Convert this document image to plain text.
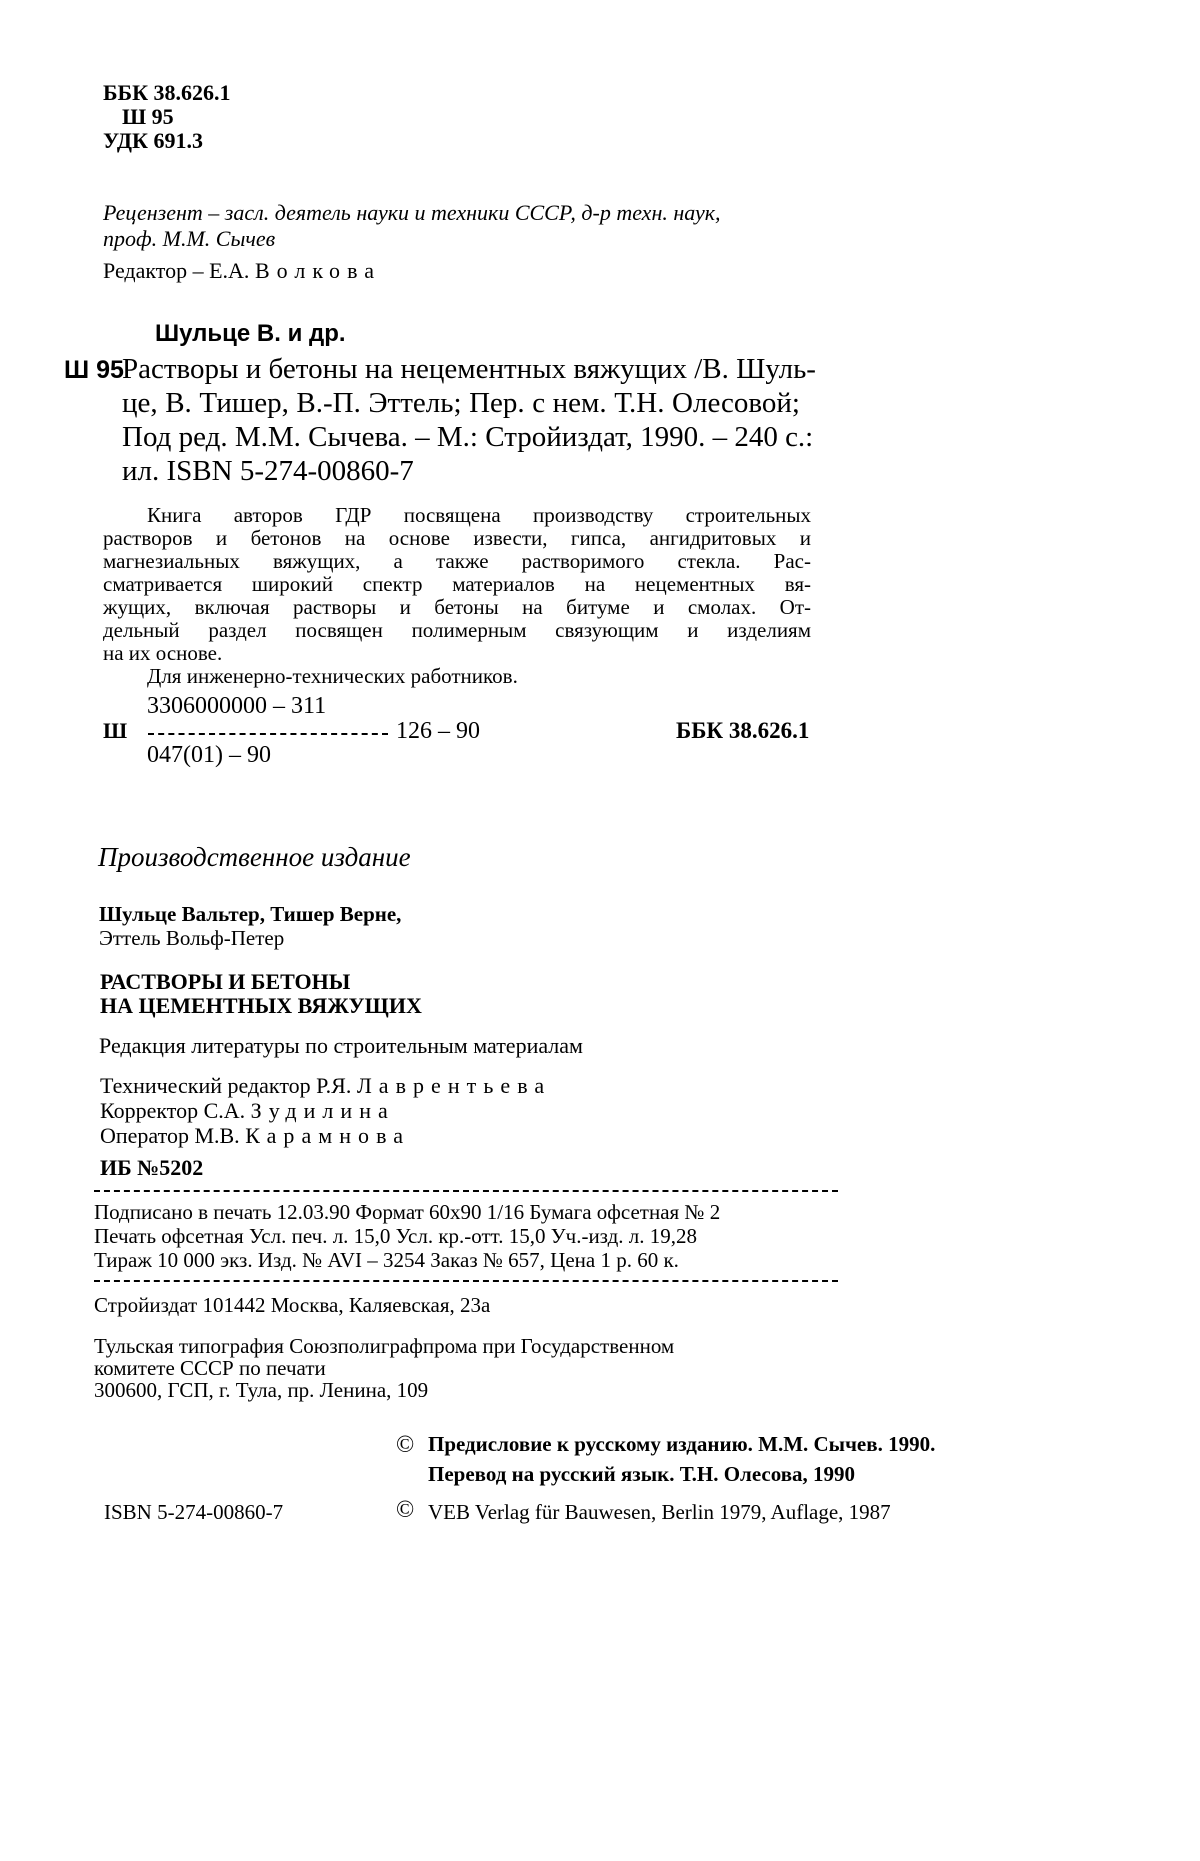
ББК 38.626.1
Ш 95
УДК 691.3
Рецензент – засл. деятель науки и техники СССР, д-р техн. наук,
проф. М.М. Сычев
Редактор – Е.А. Волкова
Шульце В. и др.
Ш 95
Растворы и бетоны на нецементных вяжущих /В. Шуль-
це, В. Тишер, В.-П. Эттель; Пер. с нем. Т.Н. Олесовой;
Под ред. М.М. Сычева. – М.: Стройиздат, 1990. – 240 с.:
ил. ISBN 5-274-00860-7
Книга авторов ГДР посвящена производству строительных
растворов и бетонов на основе извести, гипса, ангидритовых и
магнезиальных вяжущих, а также растворимого стекла. Рас-
сматривается широкий спектр материалов на нецементных вя-
жущих, включая растворы и бетоны на битуме и смолах. От-
дельный раздел посвящен полимерным связующим и изделиям
на их основе.
Для инженерно-технических работников.
3306000000 – 311
Ш	126 – 90	ББК 38.626.1
047(01) – 90
Производственное издание
Шульце Вальтер, Тишер Верне,
Эттель Вольф-Петер
РАСТВОРЫ И БЕТОНЫ
НА ЦЕМЕНТНЫХ ВЯЖУЩИХ
Редакция литературы по строительным материалам
Технический редактор Р.Я. Лаврентьева
Корректор С.А. Зудилина
Оператор М.В. Карамнова
ИБ №5202
Подписано в печать 12.03.90 Формат 60х90 1/16 Бумага офсетная № 2
Печать офсетная Усл. печ. л. 15,0 Усл. кр.-отт. 15,0 Уч.-изд. л. 19,28
Тираж 10 000 экз. Изд. № AVI – 3254 Заказ № 657, Цена 1 р. 60 к.
Стройиздат 101442 Москва, Каляевская, 23а
Тульская типография Союзполиграфпрома при Государственном
комитете СССР по печати
300600, ГСП, г. Тула, пр. Ленина, 109
© Предисловие к русскому изданию. М.М. Сычев. 1990.
Перевод на русский язык. Т.Н. Олесова, 1990
ISBN 5-274-00860-7	© VEB Verlag für Bauwesen, Berlin 1979, Auflage, 1987
